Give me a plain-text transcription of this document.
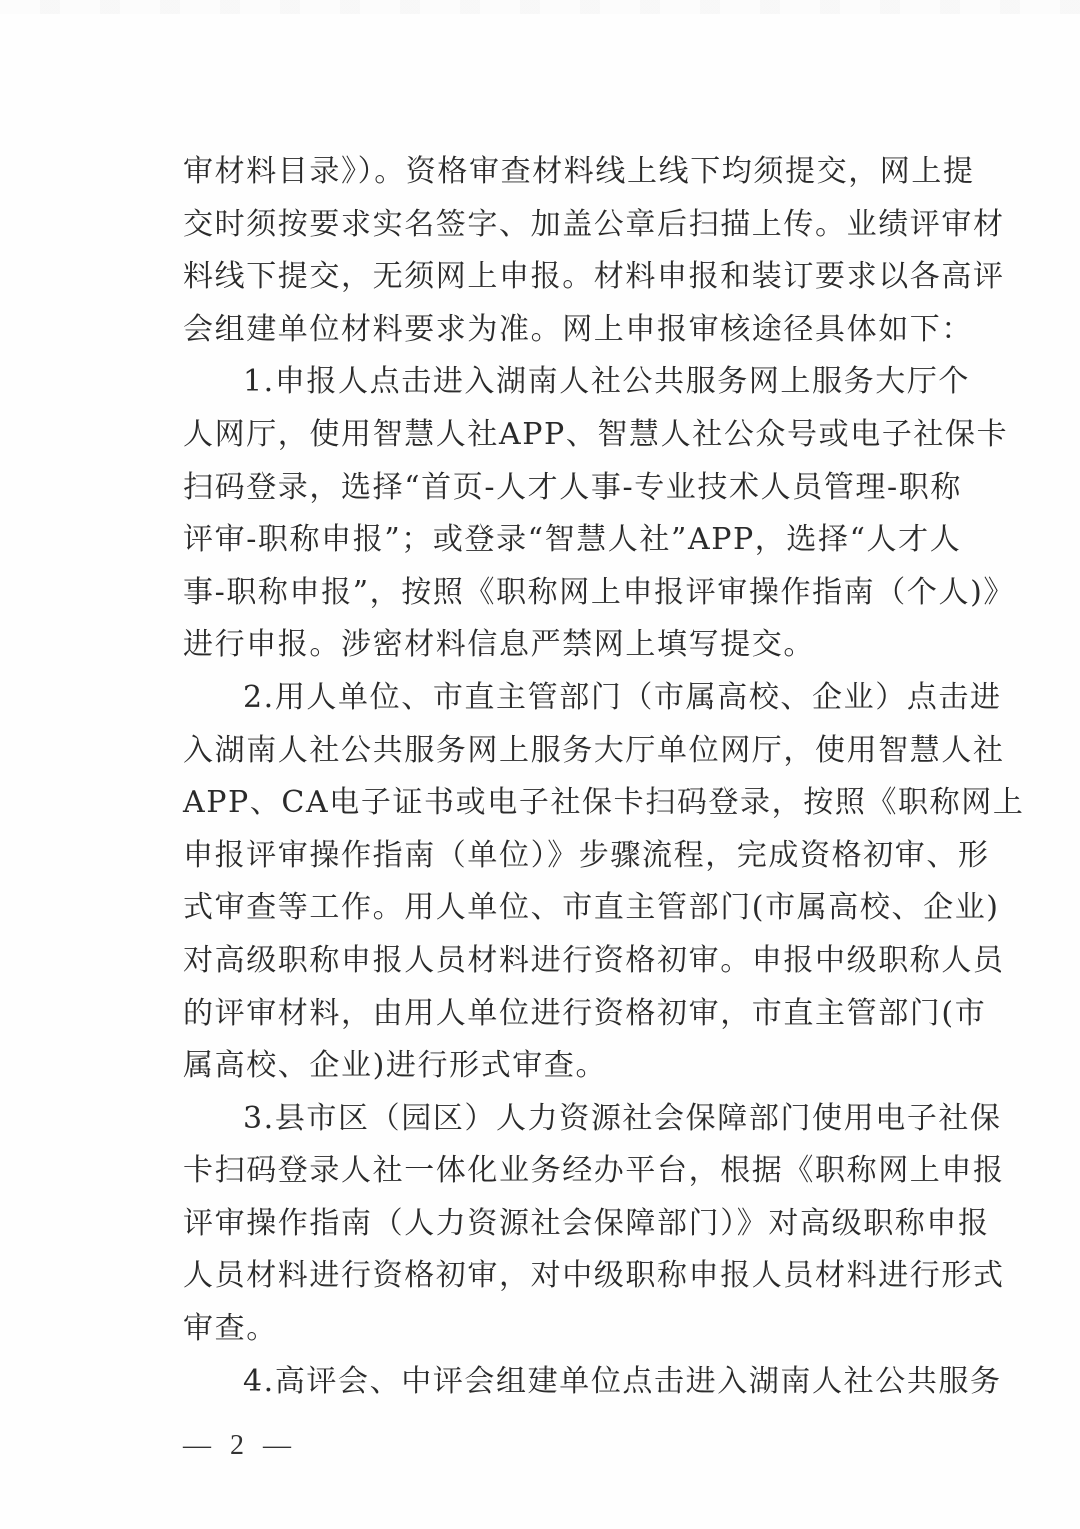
审材料目录》）。资格审查材料线上线下均须提交，网上提
交时须按要求实名签字、加盖公章后扫描上传。业绩评审材
料线下提交，无须网上申报。材料申报和装订要求以各高评
会组建单位材料要求为准。网上申报审核途径具体如下：
1.申报人点击进入湖南人社公共服务网上服务大厅个
人网厅，使用智慧人社APP、智慧人社公众号或电子社保卡
扫码登录，选择“首页-人才人事-专业技术人员管理-职称
评审-职称申报”；或登录“智慧人社”APP，选择“人才人
事-职称申报”，按照《职称网上申报评审操作指南（个人)》
进行申报。涉密材料信息严禁网上填写提交。
2.用人单位、市直主管部门（市属高校、企业）点击进
入湖南人社公共服务网上服务大厅单位网厅，使用智慧人社
APP、CA电子证书或电子社保卡扫码登录，按照《职称网上
申报评审操作指南（单位）》步骤流程，完成资格初审、形
式审查等工作。用人单位、市直主管部门(市属高校、企业)
对高级职称申报人员材料进行资格初审。申报中级职称人员
的评审材料，由用人单位进行资格初审，市直主管部门(市
属高校、企业)进行形式审查。
3.县市区（园区）人力资源社会保障部门使用电子社保
卡扫码登录人社一体化业务经办平台，根据《职称网上申报
评审操作指南（人力资源社会保障部门）》对高级职称申报
人员材料进行资格初审，对中级职称申报人员材料进行形式
审查。
4.高评会、中评会组建单位点击进入湖南人社公共服务
— 2 —
